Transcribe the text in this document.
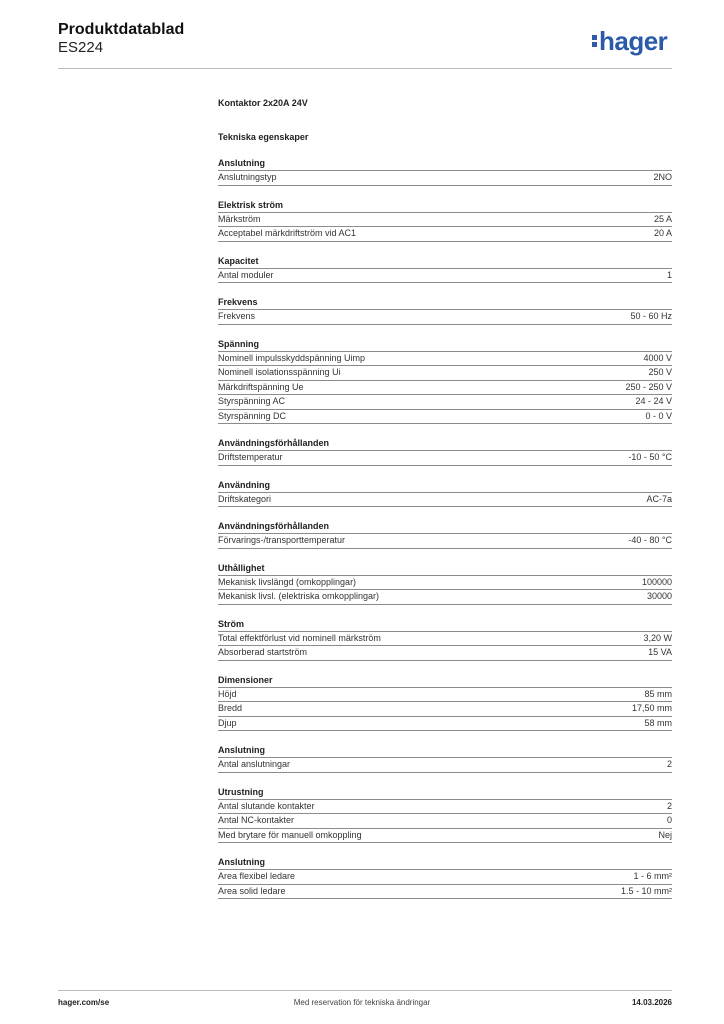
Produktdatablad
ES224	hager
Kontaktor 2x20A 24V
Tekniska egenskaper
Anslutning
Anslutningstyp	2NO
Elektrisk ström
Märkström	25 A
Acceptabel märkdriftström vid AC1	20 A
Kapacitet
Antal moduler	1
Frekvens
Frekvens	50 - 60 Hz
Spänning
Nominell impulsskyddspänning Uimp	4000 V
Nominell isolationsspänning Ui	250 V
Märkdriftspänning Ue	250 - 250 V
Styrspänning AC	24 - 24 V
Styrspänning DC	0 - 0 V
Användningsförhållanden
Driftstemperatur	-10 - 50 °C
Användning
Driftskategori	AC-7a
Användningsförhållanden
Förvarings-/transporttemperatur	-40 - 80 °C
Uthållighet
Mekanisk livslängd (omkopplingar)	100000
Mekanisk livsl. (elektriska omkopplingar)	30000
Ström
Total effektförlust vid nominell märkström	3,20 W
Absorberad startström	15 VA
Dimensioner
Höjd	85 mm
Bredd	17,50 mm
Djup	58 mm
Anslutning
Antal anslutningar	2
Utrustning
Antal slutande kontakter	2
Antal NC-kontakter	0
Med brytare för manuell omkoppling	Nej
Anslutning
Area flexibel ledare	1 - 6 mm²
Area solid ledare	1.5 - 10 mm²
hager.com/se	Med reservation för tekniska ändringar	14.03.2026
